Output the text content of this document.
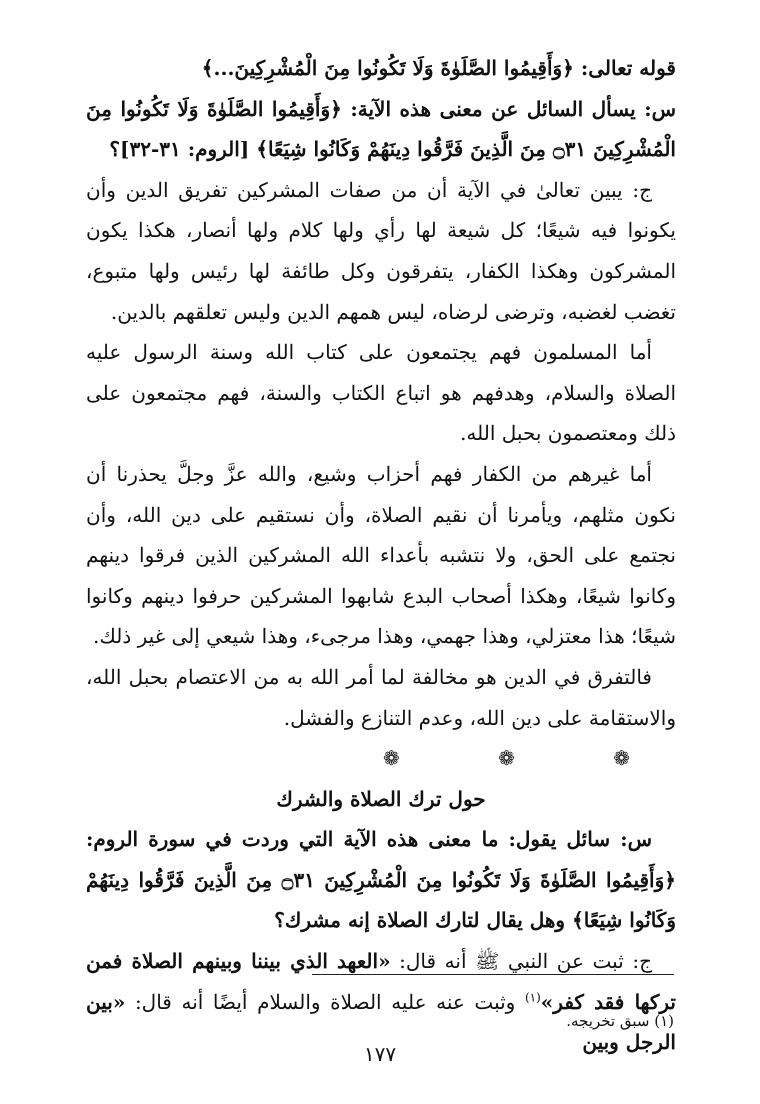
قوله تعالى: ﴿وَأَقِيمُوا الصَّلَوٰةَ وَلَا تَكُونُوا مِنَ الْمُشْرِكِينَ...﴾

س: يسأل السائل عن معنى هذه الآية: ﴿وَأَقِيمُوا الصَّلَوٰةَ وَلَا تَكُونُوا مِنَ الْمُشْرِكِينَ ۝٣١ مِنَ الَّذِينَ فَرَّقُوا دِينَهُمْ وَكَانُوا شِيَعًا﴾ [الروم: ٣١-٣٢]؟

ج: يبين تعالىٰ في الآية أن من صفات المشركين تفريق الدين وأن يكونوا فيه شيعًا؛ كل شيعة لها رأي ولها كلام ولها أنصار، هكذا يكون المشركون وهكذا الكفار، يتفرقون وكل طائفة لها رئيس ولها متبوع، تغضب لغضبه، وترضى لرضاه، ليس همهم الدين وليس تعلقهم بالدين.

أما المسلمون فهم يجتمعون على كتاب الله وسنة الرسول عليه الصلاة والسلام، وهدفهم هو اتباع الكتاب والسنة، فهم مجتمعون على ذلك ومعتصمون بحبل الله.

أما غيرهم من الكفار فهم أحزاب وشيع، والله عزَّ وجلَّ يحذرنا أن نكون مثلهم، ويأمرنا أن نقيم الصلاة، وأن نستقيم على دين الله، وأن نجتمع على الحق، ولا نتشبه بأعداء الله المشركين الذين فرقوا دينهم وكانوا شيعًا، وهكذا أصحاب البدع شابهوا المشركين حرفوا دينهم وكانوا شيعًا؛ هذا معتزلي، وهذا جهمي، وهذا مرجىء، وهذا شيعي إلى غير ذلك.

فالتفرق في الدين هو مخالفة لما أمر الله به من الاعتصام بحبل الله، والاستقامة على دين الله، وعدم التنازع والفشل.

❁ ❁ ❁

حول ترك الصلاة والشرك

س: سائل يقول: ما معنى هذه الآية التي وردت في سورة الروم: ﴿وَأَقِيمُوا الصَّلَوٰةَ وَلَا تَكُونُوا مِنَ الْمُشْرِكِينَ ۝٣١ مِنَ الَّذِينَ فَرَّقُوا دِينَهُمْ وَكَانُوا شِيَعًا﴾ وهل يقال لتارك الصلاة إنه مشرك؟

ج: ثبت عن النبي ﷺ أنه قال: «العهد الذي بيننا وبينهم الصلاة فمن تركها فقد كفر»$^{(١)}$ وثبت عنه عليه الصلاة والسلام أيضًا أنه قال: «بين الرجل وبين

(١) سبق تخريجه.
١٧٧
